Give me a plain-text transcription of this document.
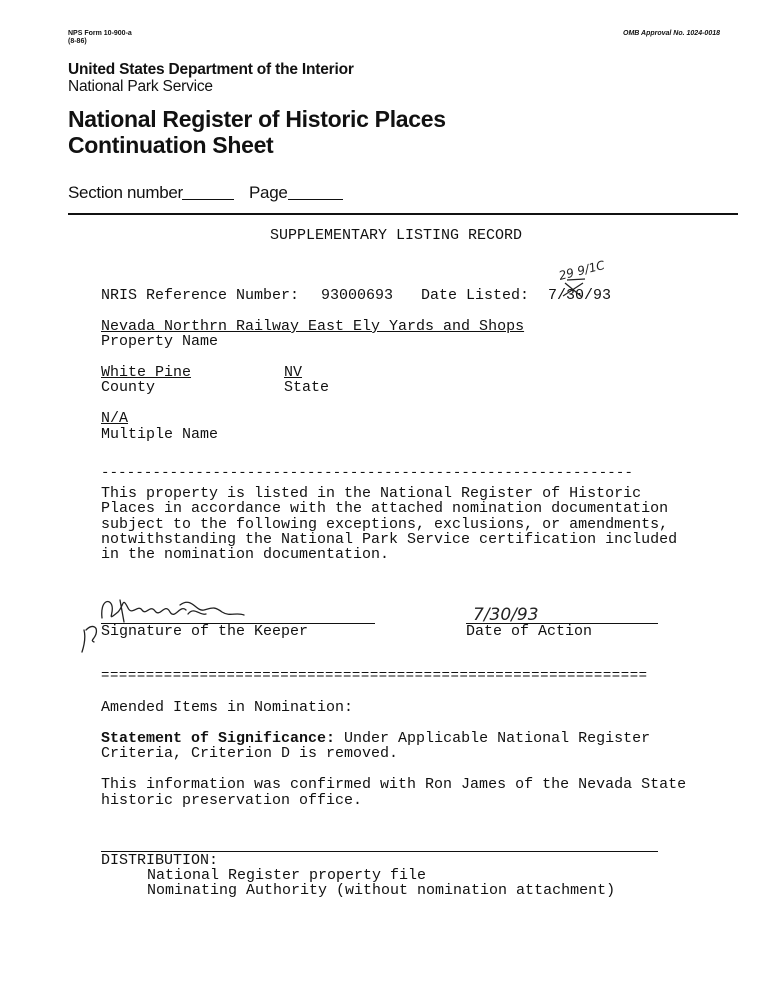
NPS Form 10-900-a
(8-86)
OMB Approval No. 1024-0018
United States Department of the Interior
National Park Service
National Register of Historic Places
Continuation Sheet
Section number	Page
SUPPLEMENTARY LISTING RECORD
NRIS Reference Number: 93000693 Date Listed: 7/30/93
Nevada Northrn Railway East Ely Yards and Shops
Property Name
White Pine
County
NV
State
N/A
Multiple Name
--------------------------------------------------------------
This property is listed in the National Register of Historic
Places in accordance with the attached nomination documentation
subject to the following exceptions, exclusions, or amendments,
notwithstanding the National Park Service certification included
in the nomination documentation.
Signature of the Keeper	Date of Action
29 9/1C
7/30/93
=============================================================
Amended Items in Nomination:
Statement of Significance: Under Applicable National Register
Criteria, Criterion D is removed.
This information was confirmed with Ron James of the Nevada State
historic preservation office.
DISTRIBUTION:
National Register property file
Nominating Authority (without nomination attachment)
